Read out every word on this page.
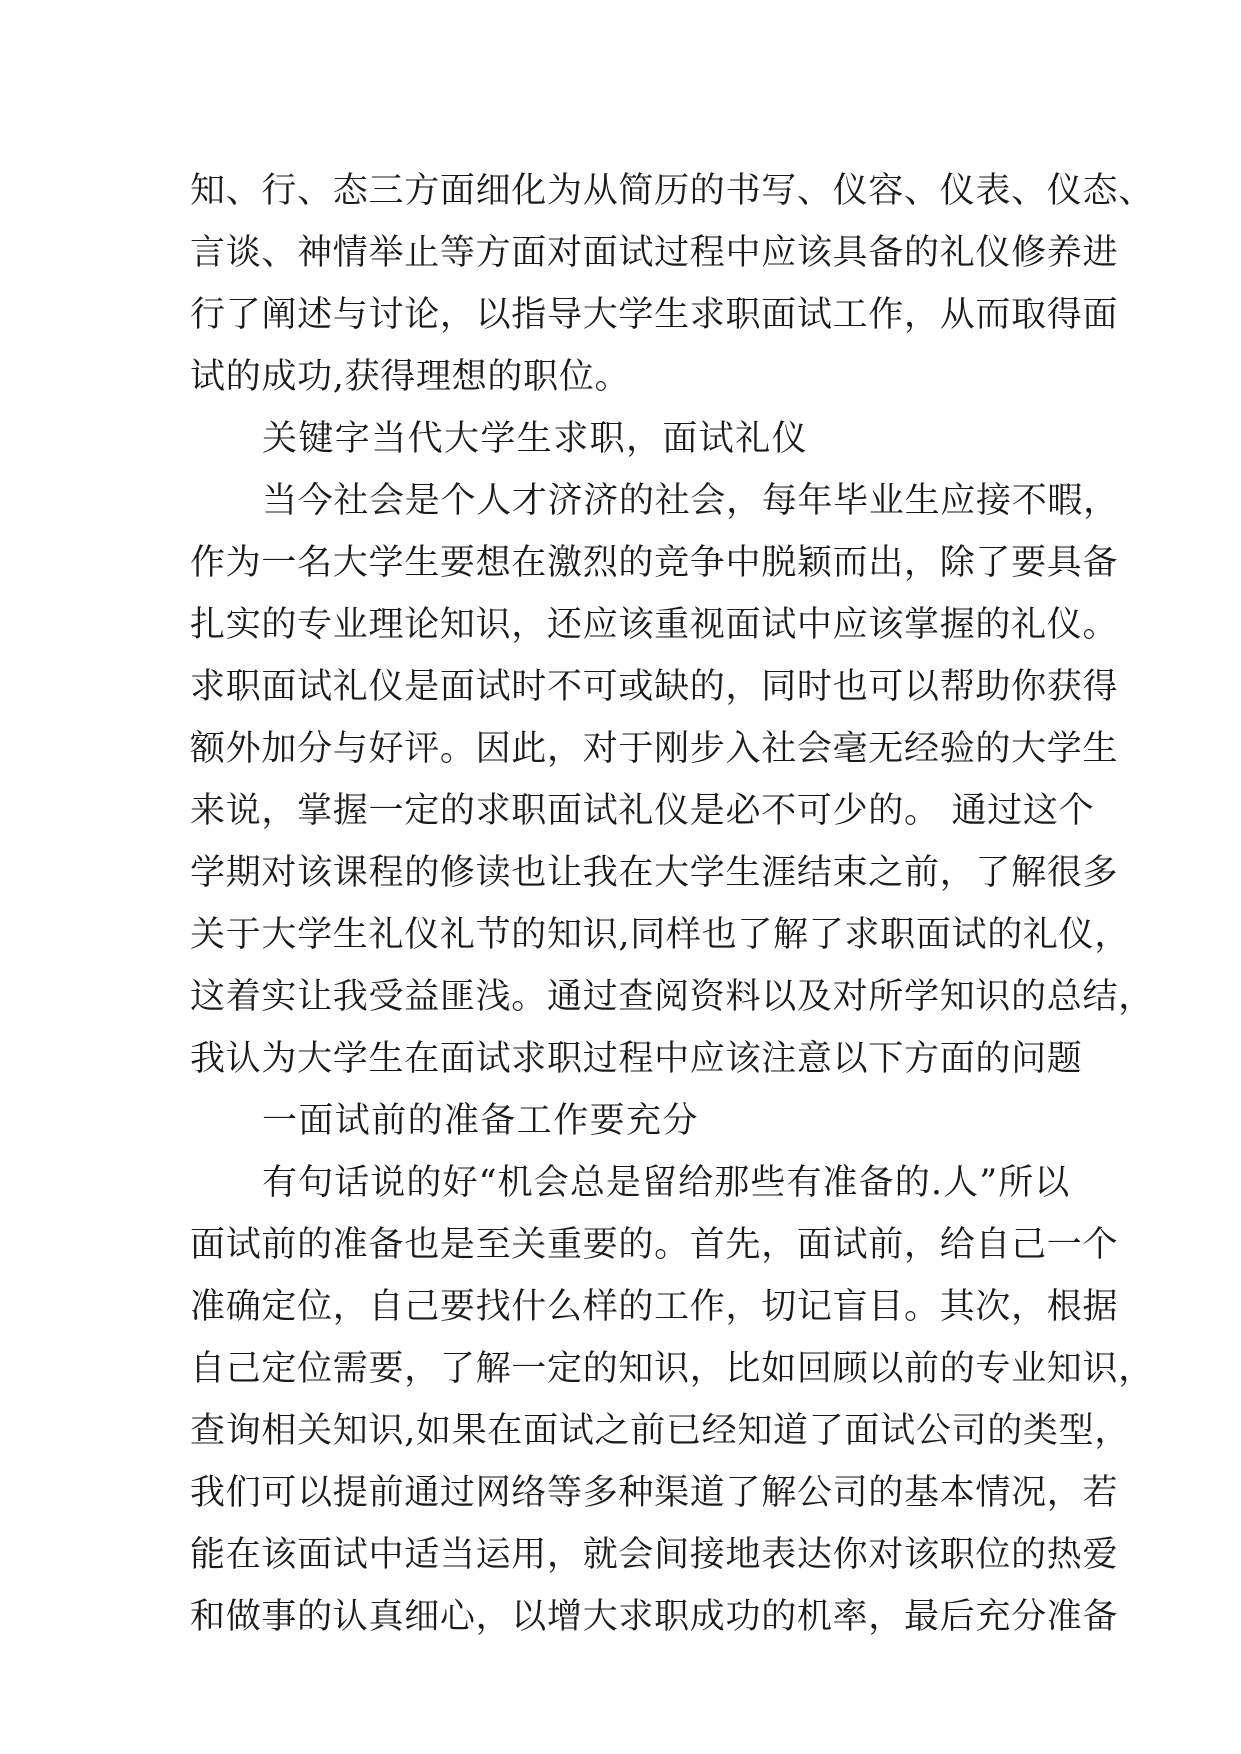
知、行、态三方面细化为从简历的书写、仪容、仪表、仪态、
言谈、神情举止等方面对面试过程中应该具备的礼仪修养进
行了阐述与讨论，以指导大学生求职面试工作，从而取得面
试的成功,获得理想的职位。
关键字当代大学生求职，面试礼仪
当今社会是个人才济济的社会，每年毕业生应接不暇，
作为一名大学生要想在激烈的竞争中脱颖而出，除了要具备
扎实的专业理论知识，还应该重视面试中应该掌握的礼仪。
求职面试礼仪是面试时不可或缺的，同时也可以帮助你获得
额外加分与好评。因此，对于刚步入社会毫无经验的大学生
来说，掌握一定的求职面试礼仪是必不可少的。 通过这个
学期对该课程的修读也让我在大学生涯结束之前，了解很多
关于大学生礼仪礼节的知识,同样也了解了求职面试的礼仪，
这着实让我受益匪浅。通过查阅资料以及对所学知识的总结，
我认为大学生在面试求职过程中应该注意以下方面的问题
一面试前的准备工作要充分
有句话说的好“机会总是留给那些有准备的.人”所以
面试前的准备也是至关重要的。首先，面试前，给自己一个
准确定位，自己要找什么样的工作，切记盲目。其次，根据
自己定位需要，了解一定的知识，比如回顾以前的专业知识，
查询相关知识,如果在面试之前已经知道了面试公司的类型，
我们可以提前通过网络等多种渠道了解公司的基本情况，若
能在该面试中适当运用，就会间接地表达你对该职位的热爱
和做事的认真细心，以增大求职成功的机率，最后充分准备
